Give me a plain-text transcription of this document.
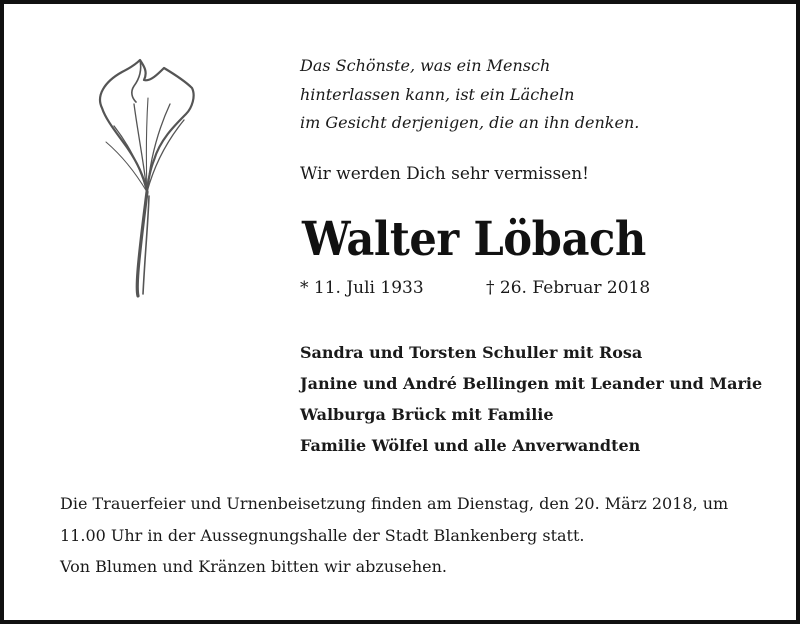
Das Schönste, was ein Mensch
hinterlassen kann, ist ein Lächeln
im Gesicht derjenigen, die an ihn denken.
Wir werden Dich sehr vermissen!
Walter Löbach
* 11. Juli 1933	† 26. Februar 2018
Sandra und Torsten Schuller mit Rosa
Janine und André Bellingen mit Leander und Marie
Walburga Brück mit Familie
Familie Wölfel und alle Anverwandten
Die Trauerfeier und Urnenbeisetzung finden am Dienstag, den 20. März 2018, um
11.00 Uhr in der Aussegnungshalle der Stadt Blankenberg statt.
Von Blumen und Kränzen bitten wir abzusehen.
